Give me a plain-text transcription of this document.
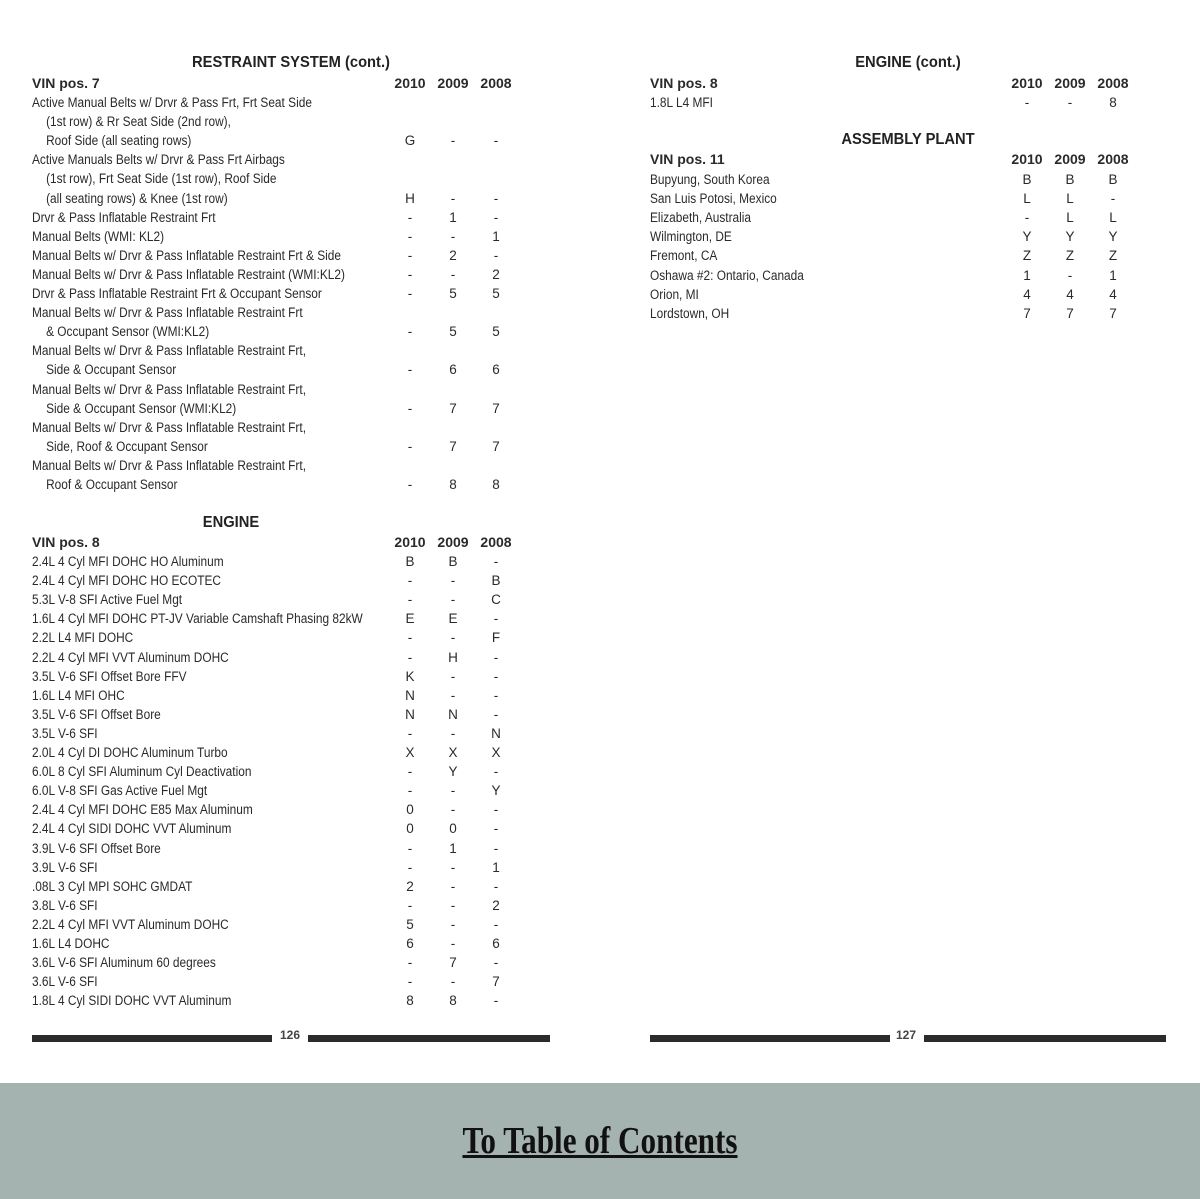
RESTRAINT SYSTEM (cont.)
VIN pos. 7	2010 2009 2008
Active Manual Belts w/ Drvr & Pass Frt, Frt Seat Side
(1st row) & Rr Seat Side (2nd row),
Roof Side (all seating rows)	G	-	-
Active Manuals Belts w/ Drvr & Pass Frt Airbags
(1st row), Frt Seat Side (1st row), Roof Side
(all seating rows) & Knee (1st row)	H	-	-
Drvr & Pass Inflatable Restraint Frt	-	1	-
Manual Belts (WMI: KL2)	-	-	1
Manual Belts w/ Drvr & Pass Inflatable Restraint Frt & Side	-	2	-
Manual Belts w/ Drvr & Pass Inflatable Restraint (WMI:KL2)	-	-	2
Drvr & Pass Inflatable Restraint Frt & Occupant Sensor	-	5	5
Manual Belts w/ Drvr & Pass Inflatable Restraint Frt
& Occupant Sensor (WMI:KL2)	-	5	5
Manual Belts w/ Drvr & Pass Inflatable Restraint Frt,
Side & Occupant Sensor	-	6	6
Manual Belts w/ Drvr & Pass Inflatable Restraint Frt,
Side & Occupant Sensor (WMI:KL2)	-	7	7
Manual Belts w/ Drvr & Pass Inflatable Restraint Frt,
Side, Roof & Occupant Sensor	-	7	7
Manual Belts w/ Drvr & Pass Inflatable Restraint Frt,
Roof & Occupant Sensor	-	8	8
ENGINE
VIN pos. 8	2010 2009 2008
2.4L 4 Cyl MFI DOHC HO Aluminum	B	B	-
2.4L 4 Cyl MFI DOHC HO ECOTEC	-	-	B
5.3L V-8 SFI Active Fuel Mgt	-	-	C
1.6L 4 Cyl MFI DOHC PT-JV Variable Camshaft Phasing 82kW	E	E	-
2.2L L4 MFI DOHC	-	-	F
2.2L 4 Cyl MFI VVT Aluminum DOHC	-	H	-
3.5L V-6 SFI Offset Bore FFV	K	-	-
1.6L L4 MFI OHC	N	-	-
3.5L V-6 SFI Offset Bore	N	N	-
3.5L V-6 SFI	-	-	N
2.0L 4 Cyl DI DOHC Aluminum Turbo	X	X	X
6.0L 8 Cyl SFI Aluminum Cyl Deactivation	-	Y	-
6.0L V-8 SFI Gas Active Fuel Mgt	-	-	Y
2.4L 4 Cyl MFI DOHC E85 Max Aluminum	0	-	-
2.4L 4 Cyl SIDI DOHC VVT Aluminum	0	0	-
3.9L V-6 SFI Offset Bore	-	1	-
3.9L V-6 SFI	-	-	1
.08L 3 Cyl MPI SOHC GMDAT	2	-	-
3.8L V-6 SFI	-	-	2
2.2L 4 Cyl MFI VVT Aluminum DOHC	5	-	-
1.6L L4 DOHC	6	-	6
3.6L V-6 SFI Aluminum 60 degrees	-	7	-
3.6L V-6 SFI	-	-	7
1.8L 4 Cyl SIDI DOHC VVT Aluminum	8	8	-
126
ENGINE (cont.)
VIN pos. 8	2010 2009 2008
1.8L L4 MFI	-	-	8
ASSEMBLY PLANT
VIN pos. 11	2010 2009 2008
Bupyung, South Korea	B	B	B
San Luis Potosi, Mexico	L	L	-
Elizabeth, Australia	-	L	L
Wilmington, DE	Y	Y	Y
Fremont, CA	Z	Z	Z
Oshawa #2: Ontario, Canada	1	-	1
Orion, MI	4	4	4
Lordstown, OH	7	7	7
127
To Table of Contents
